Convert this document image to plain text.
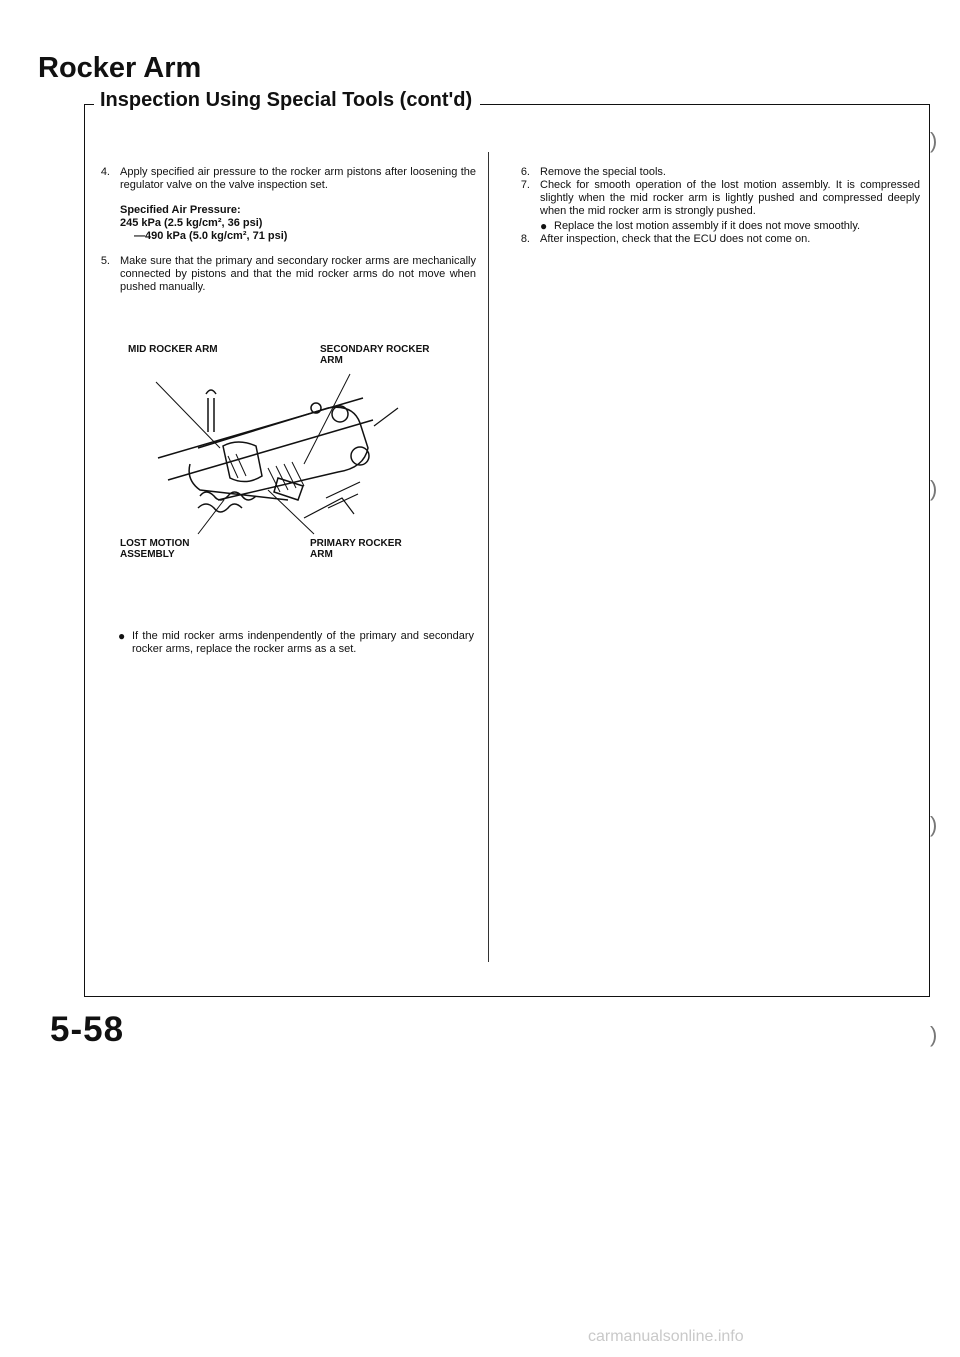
Rocker Arm
Inspection Using Special Tools (cont'd)
4. Apply specified air pressure to the rocker arm pistons after loosening the regulator valve on the valve inspection set.
Specified Air Pressure:
245 kPa (2.5 kg/cm², 36 psi)
—490 kPa (5.0 kg/cm², 71 psi)
5. Make sure that the primary and secondary rocker arms are mechanically connected by pistons and that the mid rocker arms do not move when pushed manually.
MID ROCKER ARM	SECONDARY ROCKER ARM
LOST MOTION ASSEMBLY
PRIMARY ROCKER ARM
● If the mid rocker arms indenpendently of the primary and secondary rocker arms, replace the rocker arms as a set.
6. Remove the special tools.
7. Check for smooth operation of the lost motion assembly. It is compressed slightly when the mid rocker arm is lightly pushed and compressed deeply when the mid rocker arm is strongly pushed.
● Replace the lost motion assembly if it does not move smoothly.
8. After inspection, check that the ECU does not come on.
)
)
)
)
5-58
carmanualsonline.info
